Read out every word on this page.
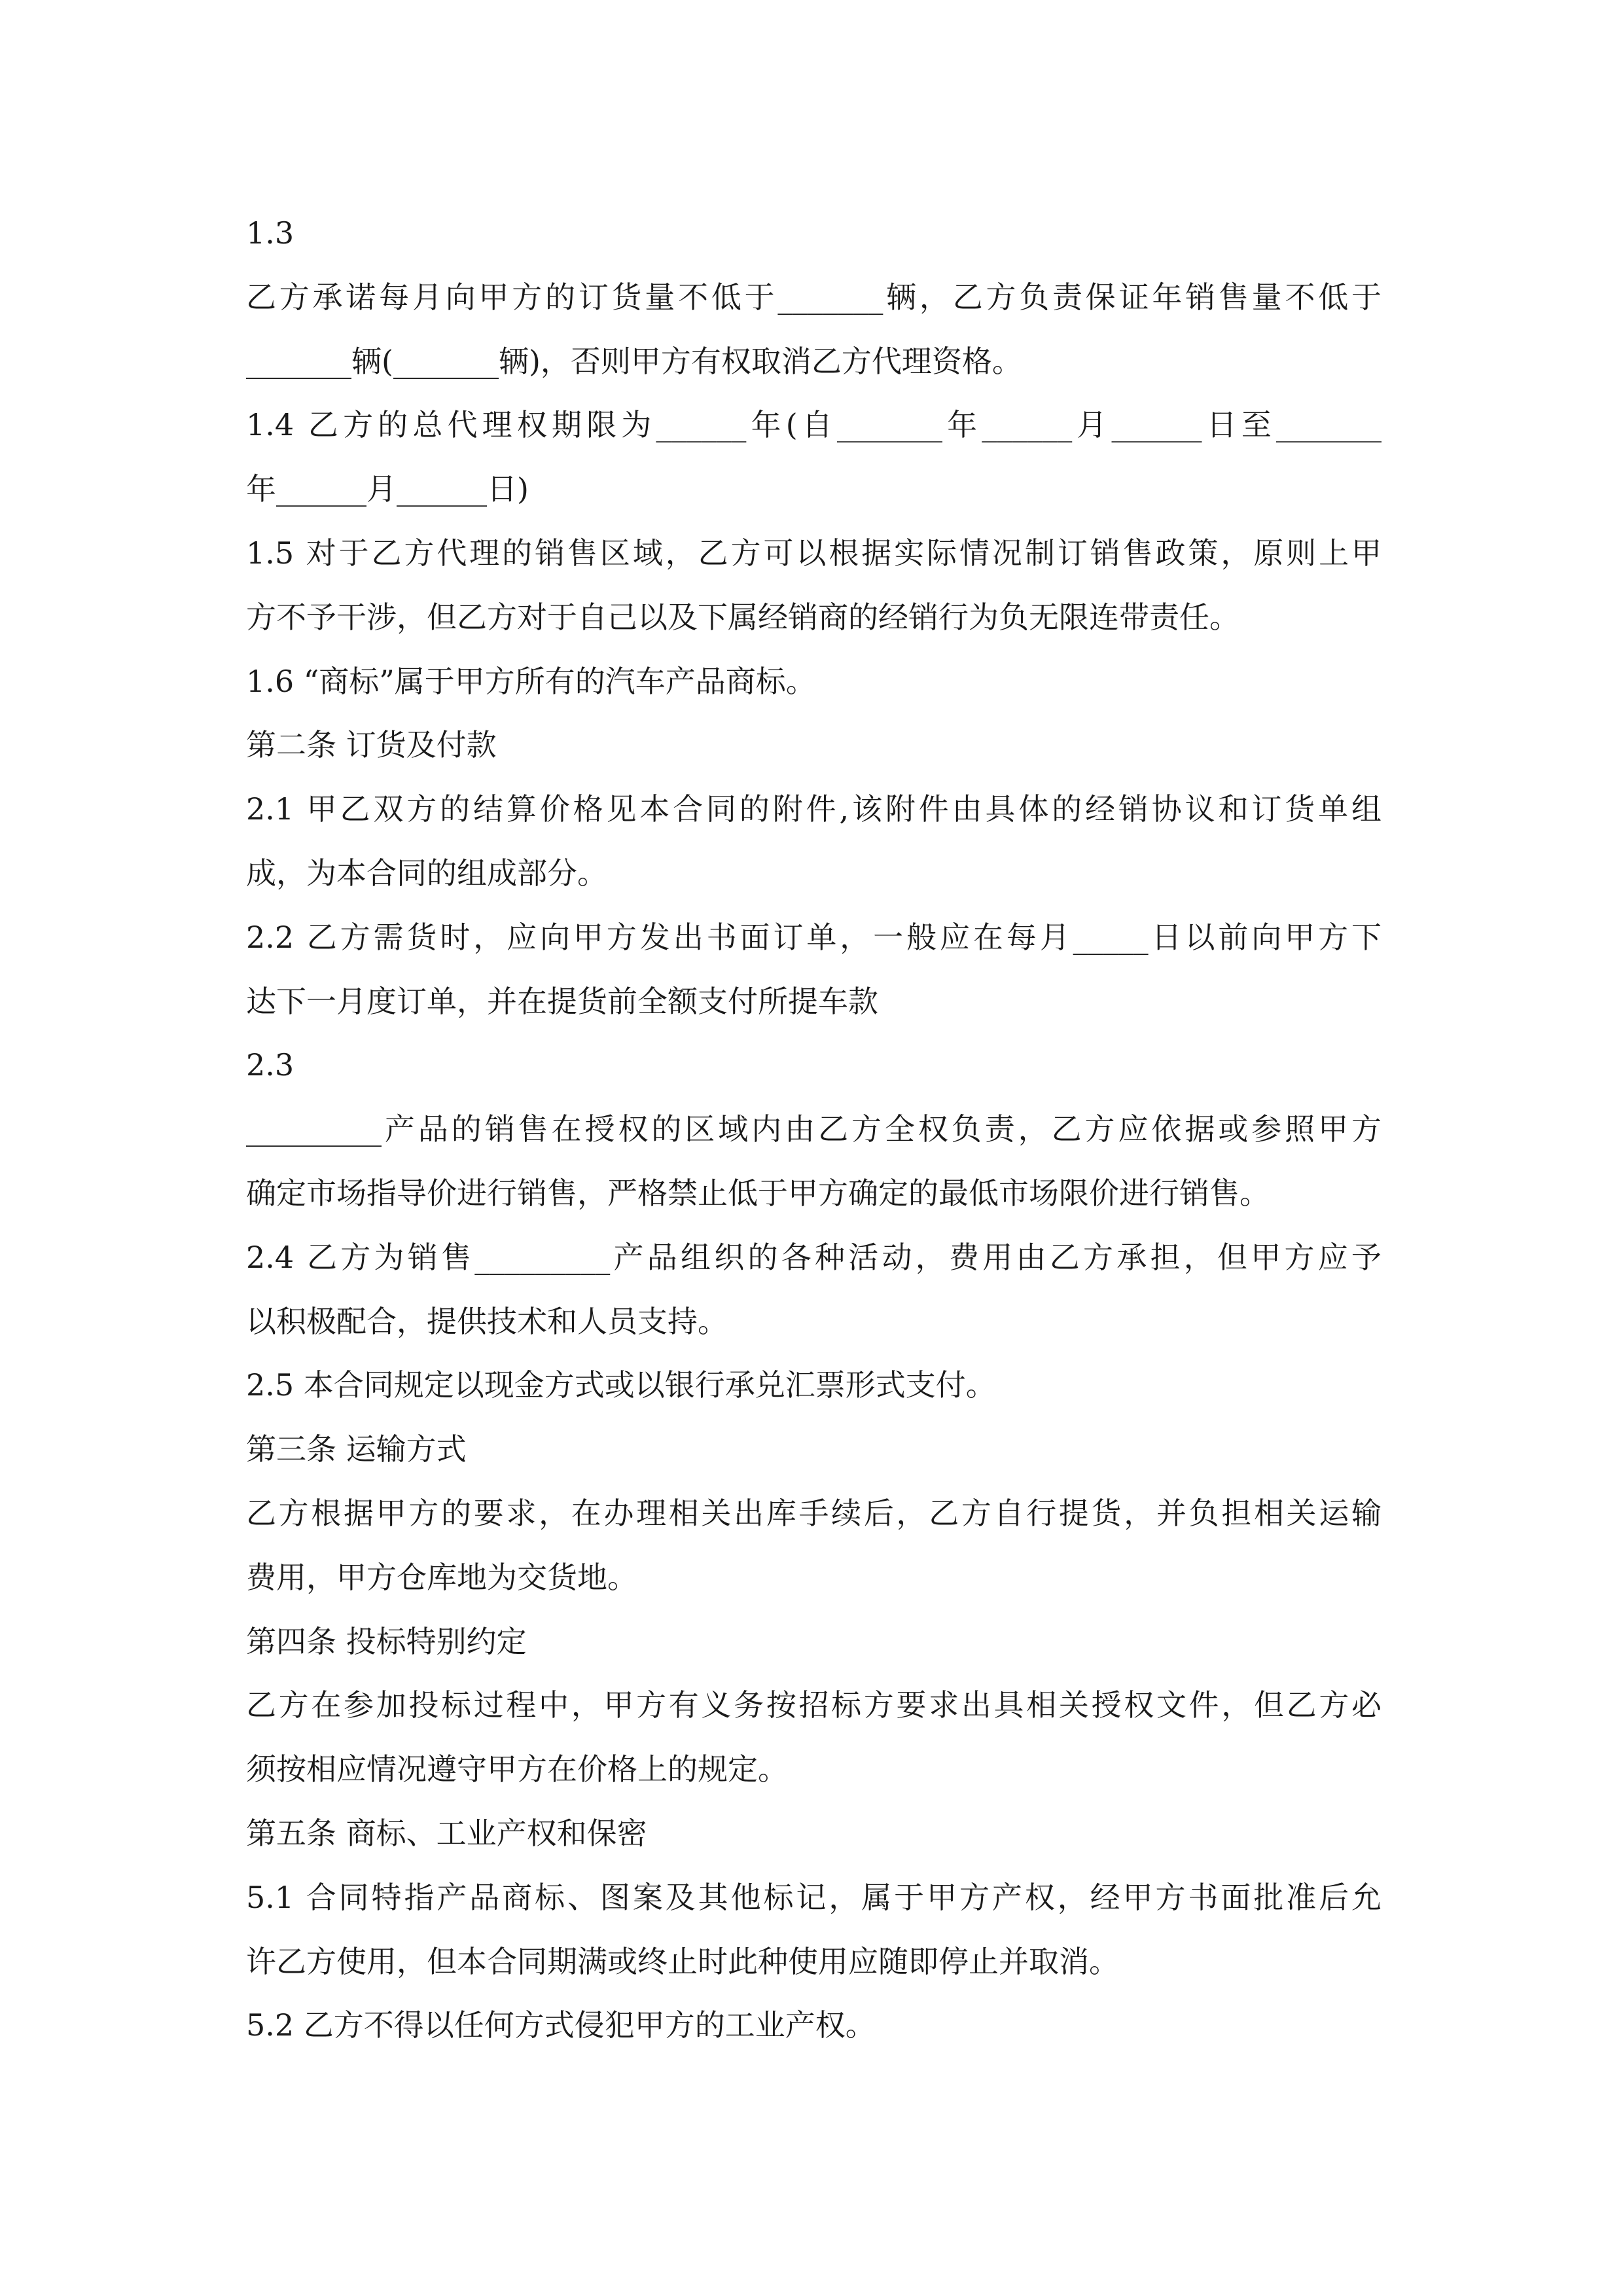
1.3
乙方承诺每月向甲方的订货量不低于_______辆，乙方负责保证年销售量不低于
_______辆(_______辆)，否则甲方有权取消乙方代理资格。
1.4 乙方的总代理权期限为______年(自_______年______月______日至_______
年______月______日)
1.5 对于乙方代理的销售区域，乙方可以根据实际情况制订销售政策，原则上甲
方不予干涉，但乙方对于自己以及下属经销商的经销行为负无限连带责任。
1.6 “商标”属于甲方所有的汽车产品商标。
第二条 订货及付款
2.1 甲乙双方的结算价格见本合同的附件,该附件由具体的经销协议和订货单组
成，为本合同的组成部分。
2.2 乙方需货时，应向甲方发出书面订单，一般应在每月_____日以前向甲方下
达下一月度订单，并在提货前全额支付所提车款
2.3
_________产品的销售在授权的区域内由乙方全权负责，乙方应依据或参照甲方
确定市场指导价进行销售，严格禁止低于甲方确定的最低市场限价进行销售。
2.4 乙方为销售_________产品组织的各种活动，费用由乙方承担，但甲方应予
以积极配合，提供技术和人员支持。
2.5 本合同规定以现金方式或以银行承兑汇票形式支付。
第三条 运输方式
乙方根据甲方的要求，在办理相关出库手续后，乙方自行提货，并负担相关运输
费用，甲方仓库地为交货地。
第四条 投标特别约定
乙方在参加投标过程中，甲方有义务按招标方要求出具相关授权文件，但乙方必
须按相应情况遵守甲方在价格上的规定。
第五条 商标、工业产权和保密
5.1 合同特指产品商标、图案及其他标记，属于甲方产权，经甲方书面批准后允
许乙方使用，但本合同期满或终止时此种使用应随即停止并取消。
5.2 乙方不得以任何方式侵犯甲方的工业产权。
